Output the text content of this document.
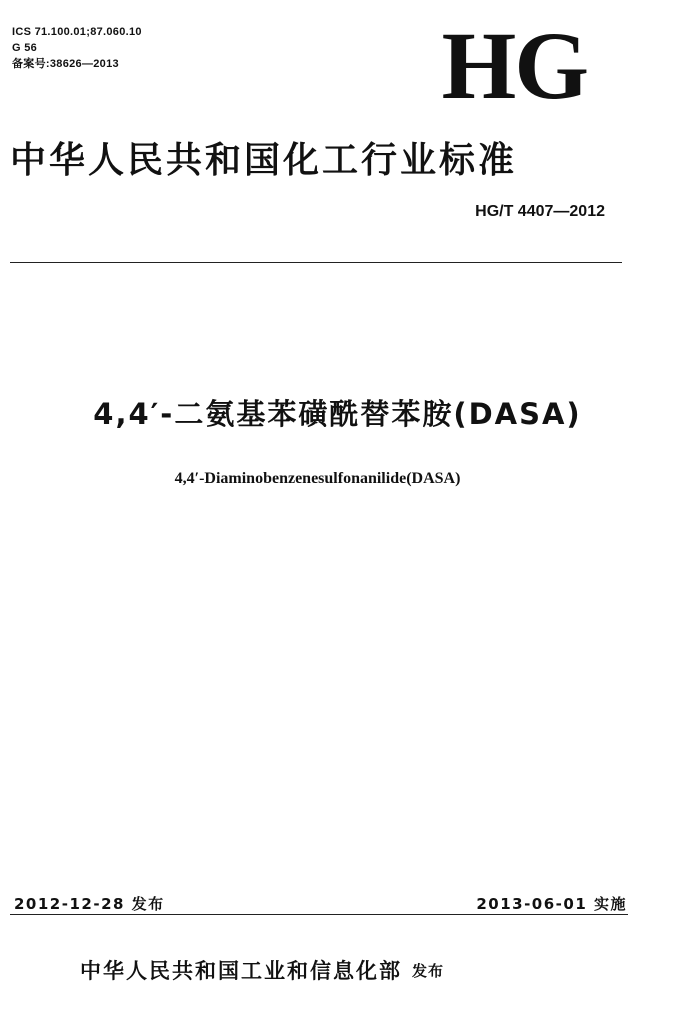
ICS 71.100.01;87.060.10
G 56
备案号:38626—2013	HG
中华人民共和国化工行业标准
HG/T 4407—2012
4,4′-二氨基苯磺酰替苯胺(DASA)
4,4′-Diaminobenzenesulfonanilide(DASA)
2012-12-28 发布	2013-06-01 实施
中华人民共和国工业和信息化部 发布
